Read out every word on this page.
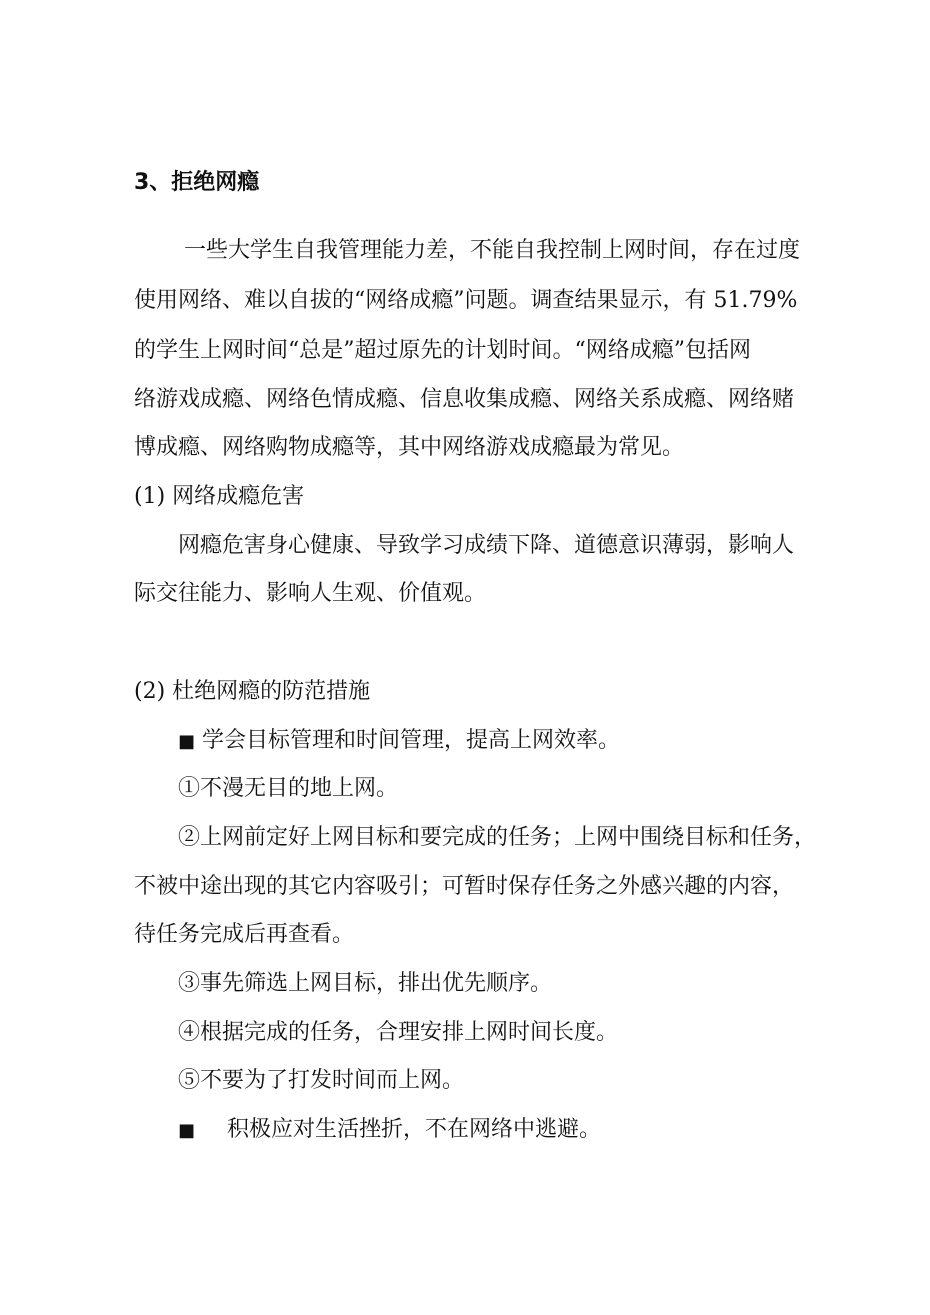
3、拒绝网瘾
一些大学生自我管理能力差，不能自我控制上网时间，存在过度
使用网络、难以自拔的“网络成瘾”问题。调查结果显示，有 51.79%
的学生上网时间“总是”超过原先的计划时间。“网络成瘾”包括网
络游戏成瘾、网络色情成瘾、信息收集成瘾、网络关系成瘾、网络赌
博成瘾、网络购物成瘾等，其中网络游戏成瘾最为常见。
(1) 网络成瘾危害
网瘾危害身心健康、导致学习成绩下降、道德意识薄弱，影响人
际交往能力、影响人生观、价值观。
(2) 杜绝网瘾的防范措施
■ 学会目标管理和时间管理，提高上网效率。
①不漫无目的地上网。
②上网前定好上网目标和要完成的任务；上网中围绕目标和任务，
不被中途出现的其它内容吸引；可暂时保存任务之外感兴趣的内容，
待任务完成后再查看。
③事先筛选上网目标，排出优先顺序。
④根据完成的任务，合理安排上网时间长度。
⑤不要为了打发时间而上网。
■ 积极应对生活挫折，不在网络中逃避。
